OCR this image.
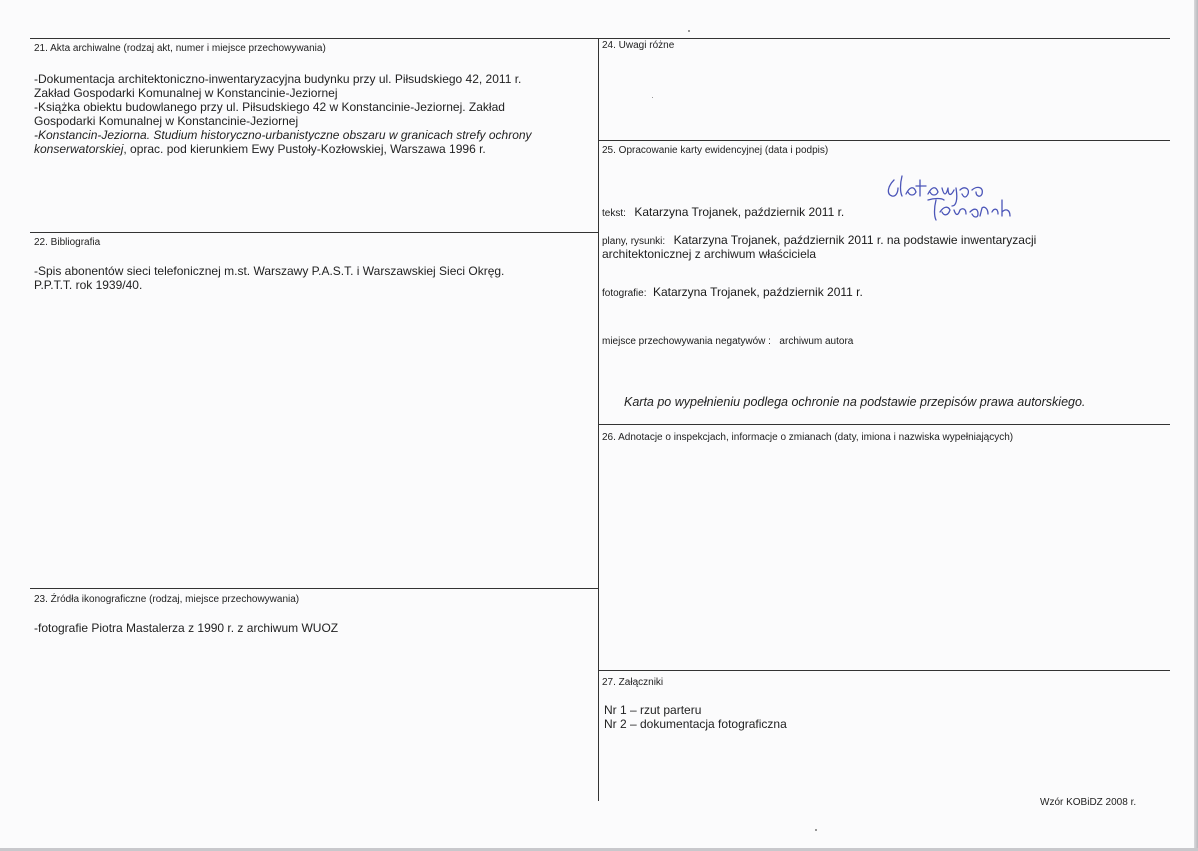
21. Akta archiwalne (rodzaj akt, numer i miejsce przechowywania)
-Dokumentacja architektoniczno-inwentaryzacyjna budynku przy ul. Piłsudskiego 42, 2011 r.
Zakład Gospodarki Komunalnej w Konstancinie-Jeziornej
-Książka obiektu budowlanego przy ul. Piłsudskiego 42 w Konstancinie-Jeziornej. Zakład
Gospodarki Komunalnej w Konstancinie-Jeziornej
-Konstancin-Jeziorna. Studium historyczno-urbanistyczne obszaru w granicach strefy ochrony
konserwatorskiej, oprac. pod kierunkiem Ewy Pustoły-Kozłowskiej, Warszawa 1996 r.
22. Bibliografia
-Spis abonentów sieci telefonicznej m.st. Warszawy P.A.S.T. i Warszawskiej Sieci Okręg.
P.P.T.T. rok 1939/40.
23. Źródła ikonograficzne (rodzaj, miejsce przechowywania)
-fotografie Piotra Mastalerza z 1990 r. z archiwum WUOZ
24. Uwagi różne
25. Opracowanie karty ewidencyjnej (data i podpis)
tekst: Katarzyna Trojanek, październik 2011 r.
plany, rysunki: Katarzyna Trojanek, październik 2011 r. na podstawie inwentaryzacji
architektonicznej z archiwum właściciela
fotografie: Katarzyna Trojanek, październik 2011 r.
miejsce przechowywania negatywów : archiwum autora
Karta po wypełnieniu podlega ochronie na podstawie przepisów prawa autorskiego.
26. Adnotacje o inspekcjach, informacje o zmianach (daty, imiona i nazwiska wypełniających)
27. Załączniki
Nr 1 – rzut parteru
Nr 2 – dokumentacja fotograficzna
Wzór KOBiDZ 2008 r.
